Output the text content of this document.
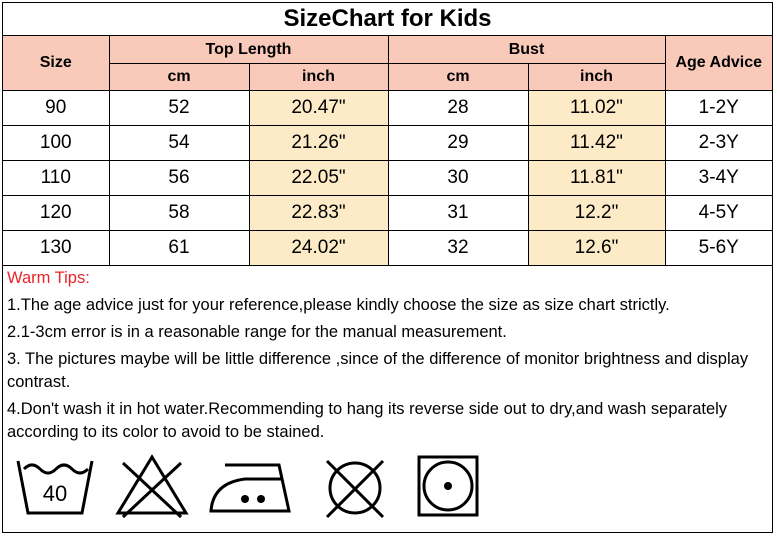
SizeChart for Kids
Size	Top Length		Bust		Age Advice
	cm	inch	cm	inch	
90	52	20.47"	28	11.02"	1-2Y
100	54	21.26"	29	11.42"	2-3Y
110	56	22.05"	30	11.81"	3-4Y
120	58	22.83"	31	12.2"	4-5Y
130	61	24.02"	32	12.6"	5-6Y
Warm Tips:
1.The age advice just for your reference,please kindly choose the size as size chart strictly.
2.1-3cm error is in a reasonable range for the manual measurement.
3. The pictures maybe will be little difference ,since of the difference of monitor brightness and display contrast.
4.Don't wash it in hot water.Recommending to hang its reverse side out to dry,and wash separately according to its color to avoid to be stained.
40
